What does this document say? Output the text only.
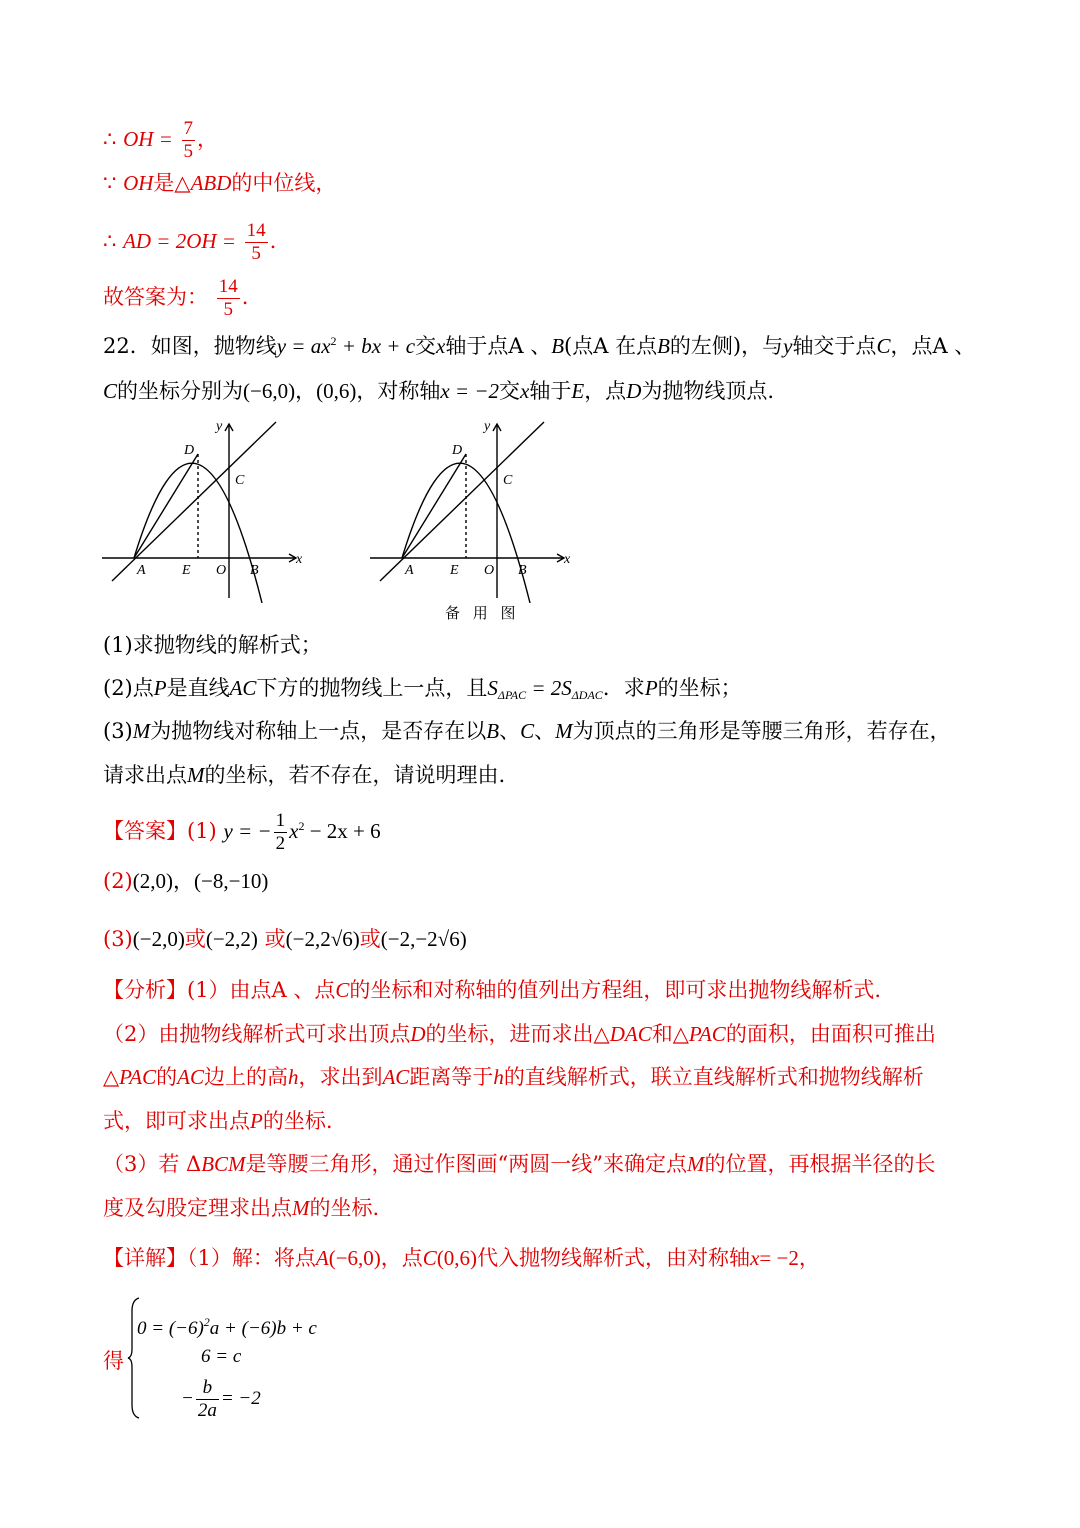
∴ OH = $\frac{7}{5}$ ，
∵ OH是△ABD的中位线，
∴ AD = $2OH = \frac{14}{5}$ .
故答案为： $\frac{14}{5}$ .
22．如图，抛物线$y = ax^2$ + bx + c交x轴于点A 、B(点A 在点B的左侧)，与y轴交于点C，点A 、
C的坐标分别为(−6,0)，(0,6)，对称轴x = −2交x轴于E，点D为抛物线顶点.
y
x
D
C
A	E O B
y
x
D
C
A	E O B
备 用 图
(1)求抛物线的解析式；
(2)点P是直线AC下方的抛物线上一点，且$S_{\Delta PAC} = 2S_{\Delta DAC}$．求P的坐标；
(3)M为抛物线对称轴上一点，是否存在以B、C、M为顶点的三角形是等腰三角形，若存在，
请求出点M的坐标，若不存在，请说明理由.
【答案】(1) y = − $\frac{1}{2} x^2 - 2x + 6$
(2)(2,0)，(−8,−10)
(3)(−2,0)或(−2,2) 或(−2,2√6)或(−2,−2√6)
【分析】(1）由点A 、点C的坐标和对称轴的值列出方程组，即可求出抛物线解析式.
（2）由抛物线解析式可求出顶点D的坐标，进而求出△DAC和△PAC的面积，由面积可推出
△PAC的AC边上的高h，求出到AC距离等于h的直线解析式，联立直线解析式和抛物线解析
式，即可求出点P的坐标.
（3）若 ΔBCM是等腰三角形，通过作图画“两圆一线”来确定点M的位置，再根据半径的长
度及勾股定理求出点M的坐标.
【详解】（1）解：将点A(−6,0)，点C(0,6)代入抛物线解析式，由对称轴x= −2，
得
$0 = (-6)^2a + (-6)b + c$
6 = c
− $\frac{b}{2a} = -2$
